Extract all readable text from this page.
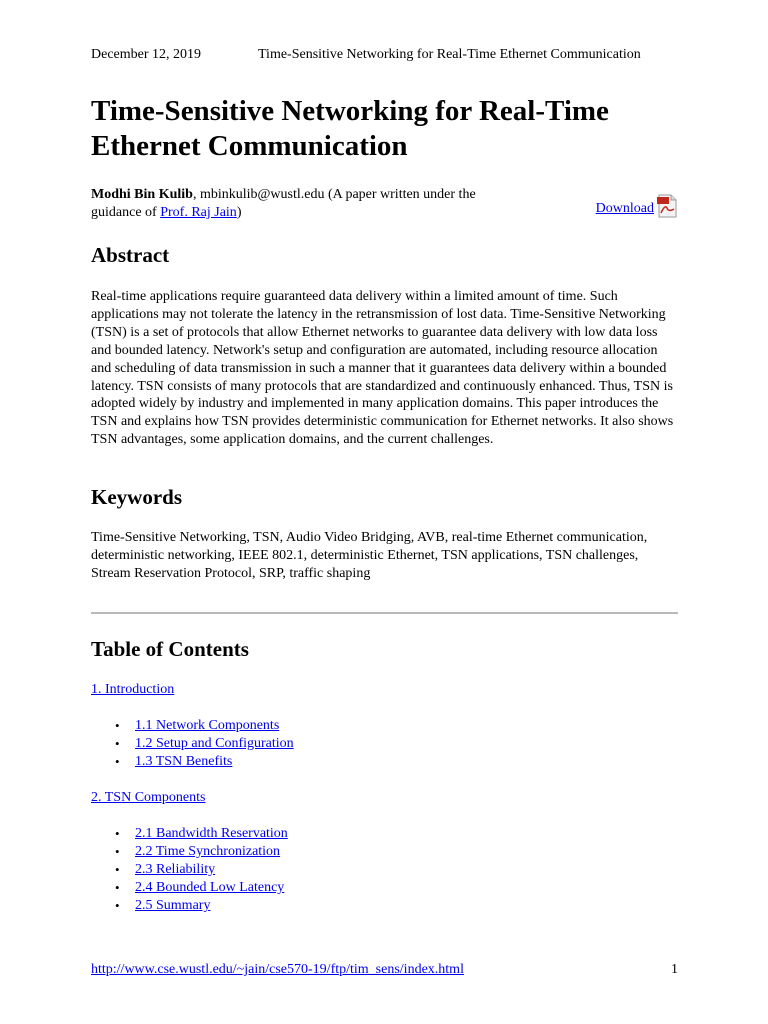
December 12, 2019	Time-Sensitive Networking for Real-Time Ethernet Communication
Time-Sensitive Networking for Real-Time Ethernet Communication
Modhi Bin Kulib, mbinkulib@wustl.edu (A paper written under the guidance of Prof. Raj Jain)	Download
Abstract

Real-time applications require guaranteed data delivery within a limited amount of time. Such applications may not tolerate the latency in the retransmission of lost data. Time-Sensitive Networking (TSN) is a set of protocols that allow Ethernet networks to guarantee data delivery with low data loss and bounded latency. Network's setup and configuration are automated, including resource allocation and scheduling of data transmission in such a manner that it guarantees data delivery within a bounded latency. TSN consists of many protocols that are standardized and continuously enhanced. Thus, TSN is adopted widely by industry and implemented in many application domains. This paper introduces the TSN and explains how TSN provides deterministic communication for Ethernet networks. It also shows TSN advantages, some application domains, and the current challenges.

Keywords

Time-Sensitive Networking, TSN, Audio Video Bridging, AVB, real-time Ethernet communication, deterministic networking, IEEE 802.1, deterministic Ethernet, TSN applications, TSN challenges, Stream Reservation Protocol, SRP, traffic shaping

Table of Contents
1. Introduction
• 1.1 Network Components
• 1.2 Setup and Configuration
• 1.3 TSN Benefits
2. TSN Components
• 2.1 Bandwidth Reservation
• 2.2 Time Synchronization
• 2.3 Reliability
• 2.4 Bounded Low Latency
• 2.5 Summary
http://www.cse.wustl.edu/~jain/cse570-19/ftp/tim_sens/index.html	1
